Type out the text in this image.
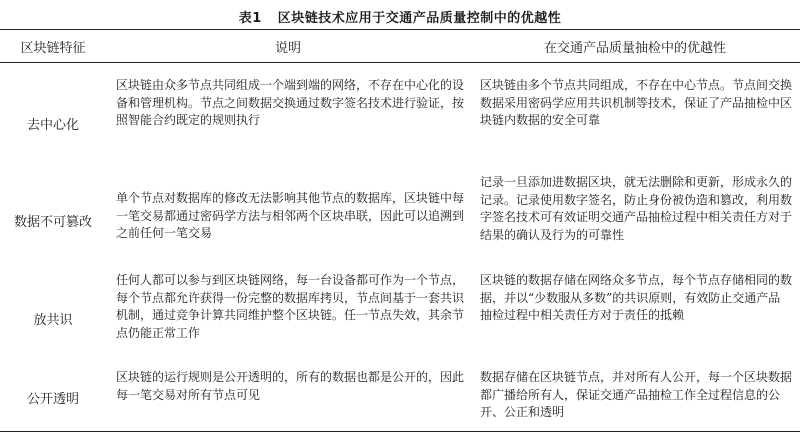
表1 区块链技术应用于交通产品质量控制中的优越性
区块链特征	说明	在交通产品质量抽检中的优越性
去中心化	区块链由众多节点共同组成一个端到端的网络，不存在中心化的设备和管理机构。节点之间数据交换通过数字签名技术进行验证，按照智能合约既定的规则执行	区块链由多个节点共同组成，不存在中心节点。节点间交换数据采用密码学应用共识机制等技术，保证了产品抽检中区块链内数据的安全可靠
数据不可篡改	单个节点对数据库的修改无法影响其他节点的数据库，区块链中每一笔交易都通过密码学方法与相邻两个区块串联，因此可以追溯到之前任何一笔交易	记录一旦添加进数据区块，就无法删除和更新，形成永久的记录。记录使用数字签名，防止身份被伪造和篡改，利用数字签名技术可有效证明交通产品抽检过程中相关责任方对于结果的确认及行为的可靠性
放共识	任何人都可以参与到区块链网络，每一台设备都可作为一个节点，每个节点都允许获得一份完整的数据库拷贝，节点间基于一套共识机制，通过竞争计算共同维护整个区块链。任一节点失效，其余节点仍能正常工作	区块链的数据存储在网络众多节点，每个节点存储相同的数据，并以“少数服从多数”的共识原则，有效防止交通产品抽检过程中相关责任方对于责任的抵赖
公开透明	区块链的运行规则是公开透明的，所有的数据也都是公开的，因此每一笔交易对所有节点可见	数据存储在区块链节点，并对所有人公开，每一个区块数据都广播给所有人，保证交通产品抽检工作全过程信息的公开、公正和透明
